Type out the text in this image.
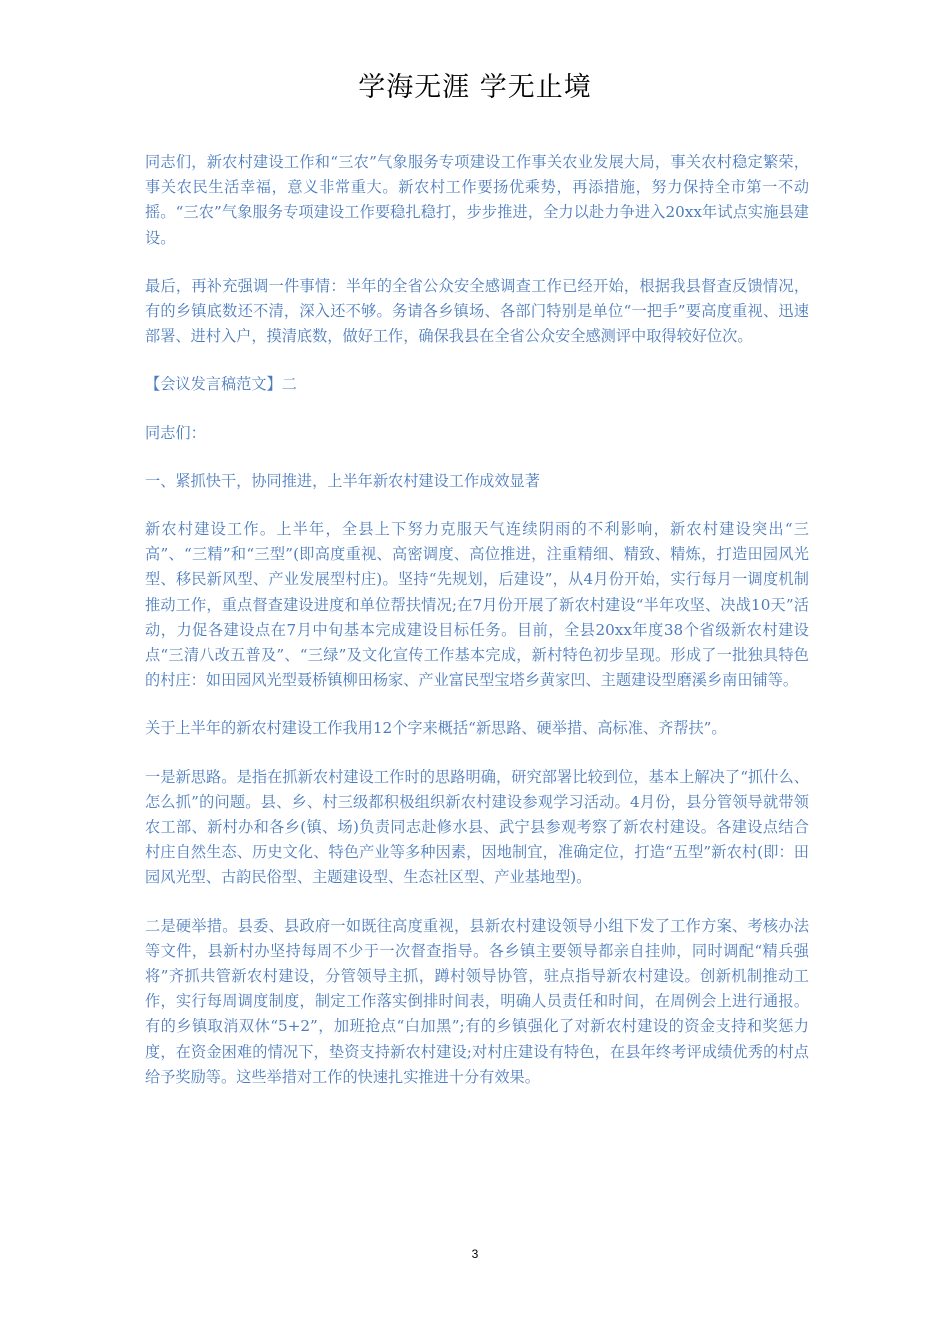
学海无涯 学无止境

同志们，新农村建设工作和“三农”气象服务专项建设工作事关农业发展大局，事关农村稳定繁荣，事关农民生活幸福，意义非常重大。新农村工作要扬优乘势，再添措施，努力保持全市第一不动摇。“三农”气象服务专项建设工作要稳扎稳打，步步推进，全力以赴力争进入20xx年试点实施县建设。

最后，再补充强调一件事情：半年的全省公众安全感调查工作已经开始，根据我县督查反馈情况，有的乡镇底数还不清，深入还不够。务请各乡镇场、各部门特别是单位“一把手”要高度重视、迅速部署、进村入户，摸清底数，做好工作，确保我县在全省公众安全感测评中取得较好位次。

【会议发言稿范文】二

同志们：

一、紧抓快干，协同推进，上半年新农村建设工作成效显著

新农村建设工作。上半年，全县上下努力克服天气连续阴雨的不利影响，新农村建设突出“三高”、“三精”和“三型”(即高度重视、高密调度、高位推进，注重精细、精致、精炼，打造田园风光型、移民新风型、产业发展型村庄)。坚持“先规划，后建设”，从4月份开始，实行每月一调度机制推动工作，重点督查建设进度和单位帮扶情况;在7月份开展了新农村建设“半年攻坚、决战10天”活动，力促各建设点在7月中旬基本完成建设目标任务。目前，全县20xx年度38个省级新农村建设点“三清八改五普及”、“三绿”及文化宣传工作基本完成，新村特色初步呈现。形成了一批独具特色的村庄：如田园风光型聂桥镇柳田杨家、产业富民型宝塔乡黄家凹、主题建设型磨溪乡南田铺等。

关于上半年的新农村建设工作我用12个字来概括“新思路、硬举措、高标准、齐帮扶”。

一是新思路。是指在抓新农村建设工作时的思路明确，研究部署比较到位，基本上解决了“抓什么、怎么抓”的问题。县、乡、村三级都积极组织新农村建设参观学习活动。4月份，县分管领导就带领农工部、新村办和各乡(镇、场)负责同志赴修水县、武宁县参观考察了新农村建设。各建设点结合村庄自然生态、历史文化、特色产业等多种因素，因地制宜，准确定位，打造“五型”新农村(即：田园风光型、古韵民俗型、主题建设型、生态社区型、产业基地型)。

二是硬举措。县委、县政府一如既往高度重视，县新农村建设领导小组下发了工作方案、考核办法等文件，县新村办坚持每周不少于一次督查指导。各乡镇主要领导都亲自挂帅，同时调配“精兵强将”齐抓共管新农村建设，分管领导主抓，蹲村领导协管，驻点指导新农村建设。创新机制推动工作，实行每周调度制度，制定工作落实倒排时间表，明确人员责任和时间，在周例会上进行通报。有的乡镇取消双休“5+2”，加班抢点“白加黑”;有的乡镇强化了对新农村建设的资金支持和奖惩力度，在资金困难的情况下，垫资支持新农村建设;对村庄建设有特色，在县年终考评成绩优秀的村点给予奖励等。这些举措对工作的快速扎实推进十分有效果。

3
